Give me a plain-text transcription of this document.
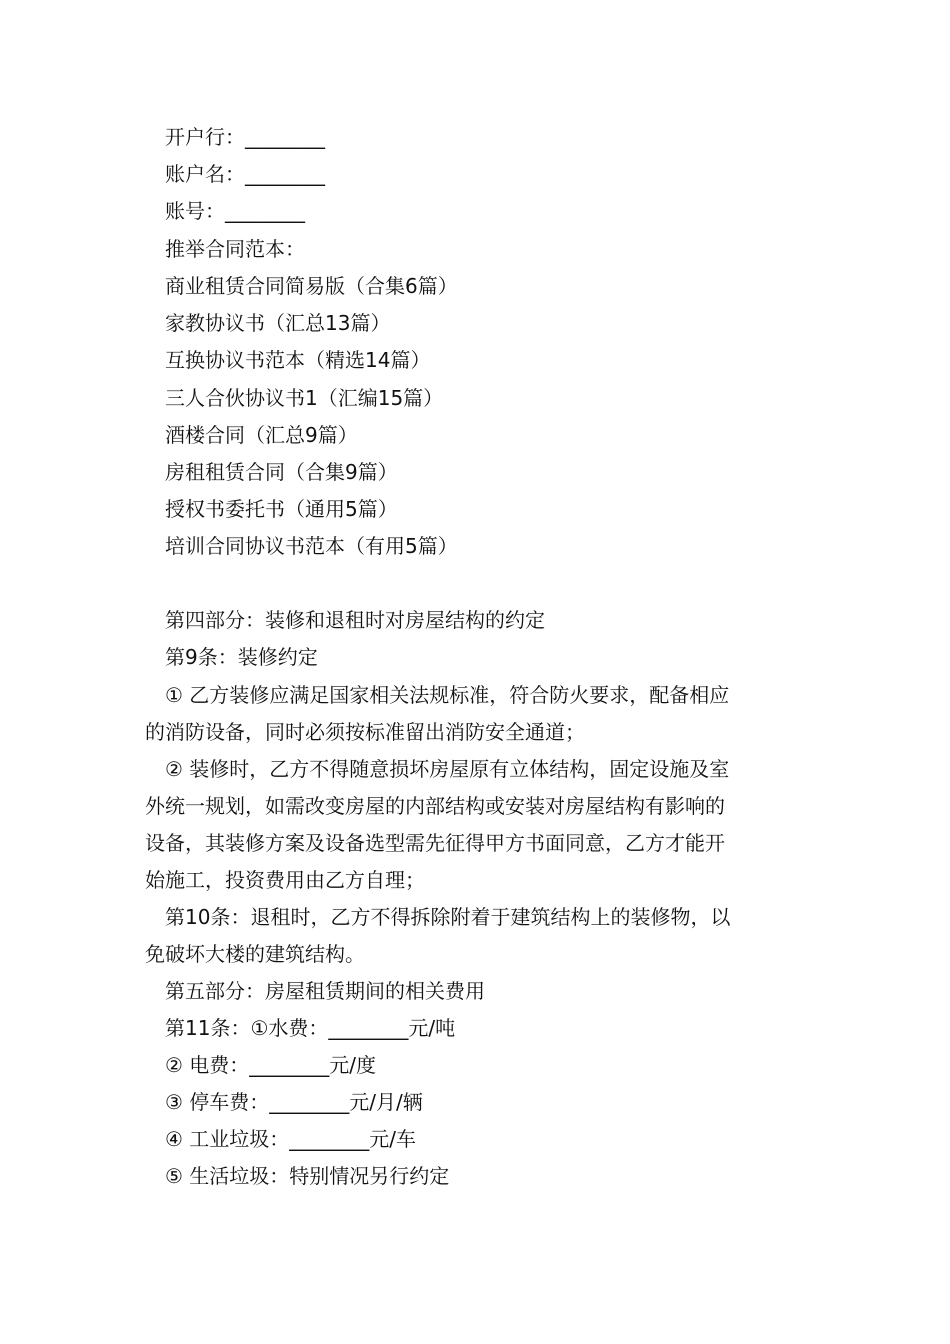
开户行：________
账户名：________
账号：________
推举合同范本：
商业租赁合同简易版（合集6篇）
家教协议书（汇总13篇）
互换协议书范本（精选14篇）
三人合伙协议书1（汇编15篇）
酒楼合同（汇总9篇）
房租租赁合同（合集9篇）
授权书委托书（通用5篇）
培训合同协议书范本（有用5篇）
第四部分：装修和退租时对房屋结构的约定
第9条：装修约定
① 乙方装修应满足国家相关法规标准，符合防火要求，配备相应
的消防设备，同时必须按标准留出消防安全通道；
② 装修时，乙方不得随意损坏房屋原有立体结构，固定设施及室
外统一规划，如需改变房屋的内部结构或安装对房屋结构有影响的
设备，其装修方案及设备选型需先征得甲方书面同意，乙方才能开
始施工，投资费用由乙方自理；
第10条：退租时，乙方不得拆除附着于建筑结构上的装修物，以
免破坏大楼的建筑结构。
第五部分：房屋租赁期间的相关费用
第11条：①水费：________元/吨
② 电费：________元/度
③ 停车费：________元/月/辆
④ 工业垃圾：________元/车
⑤ 生活垃圾：特别情况另行约定
